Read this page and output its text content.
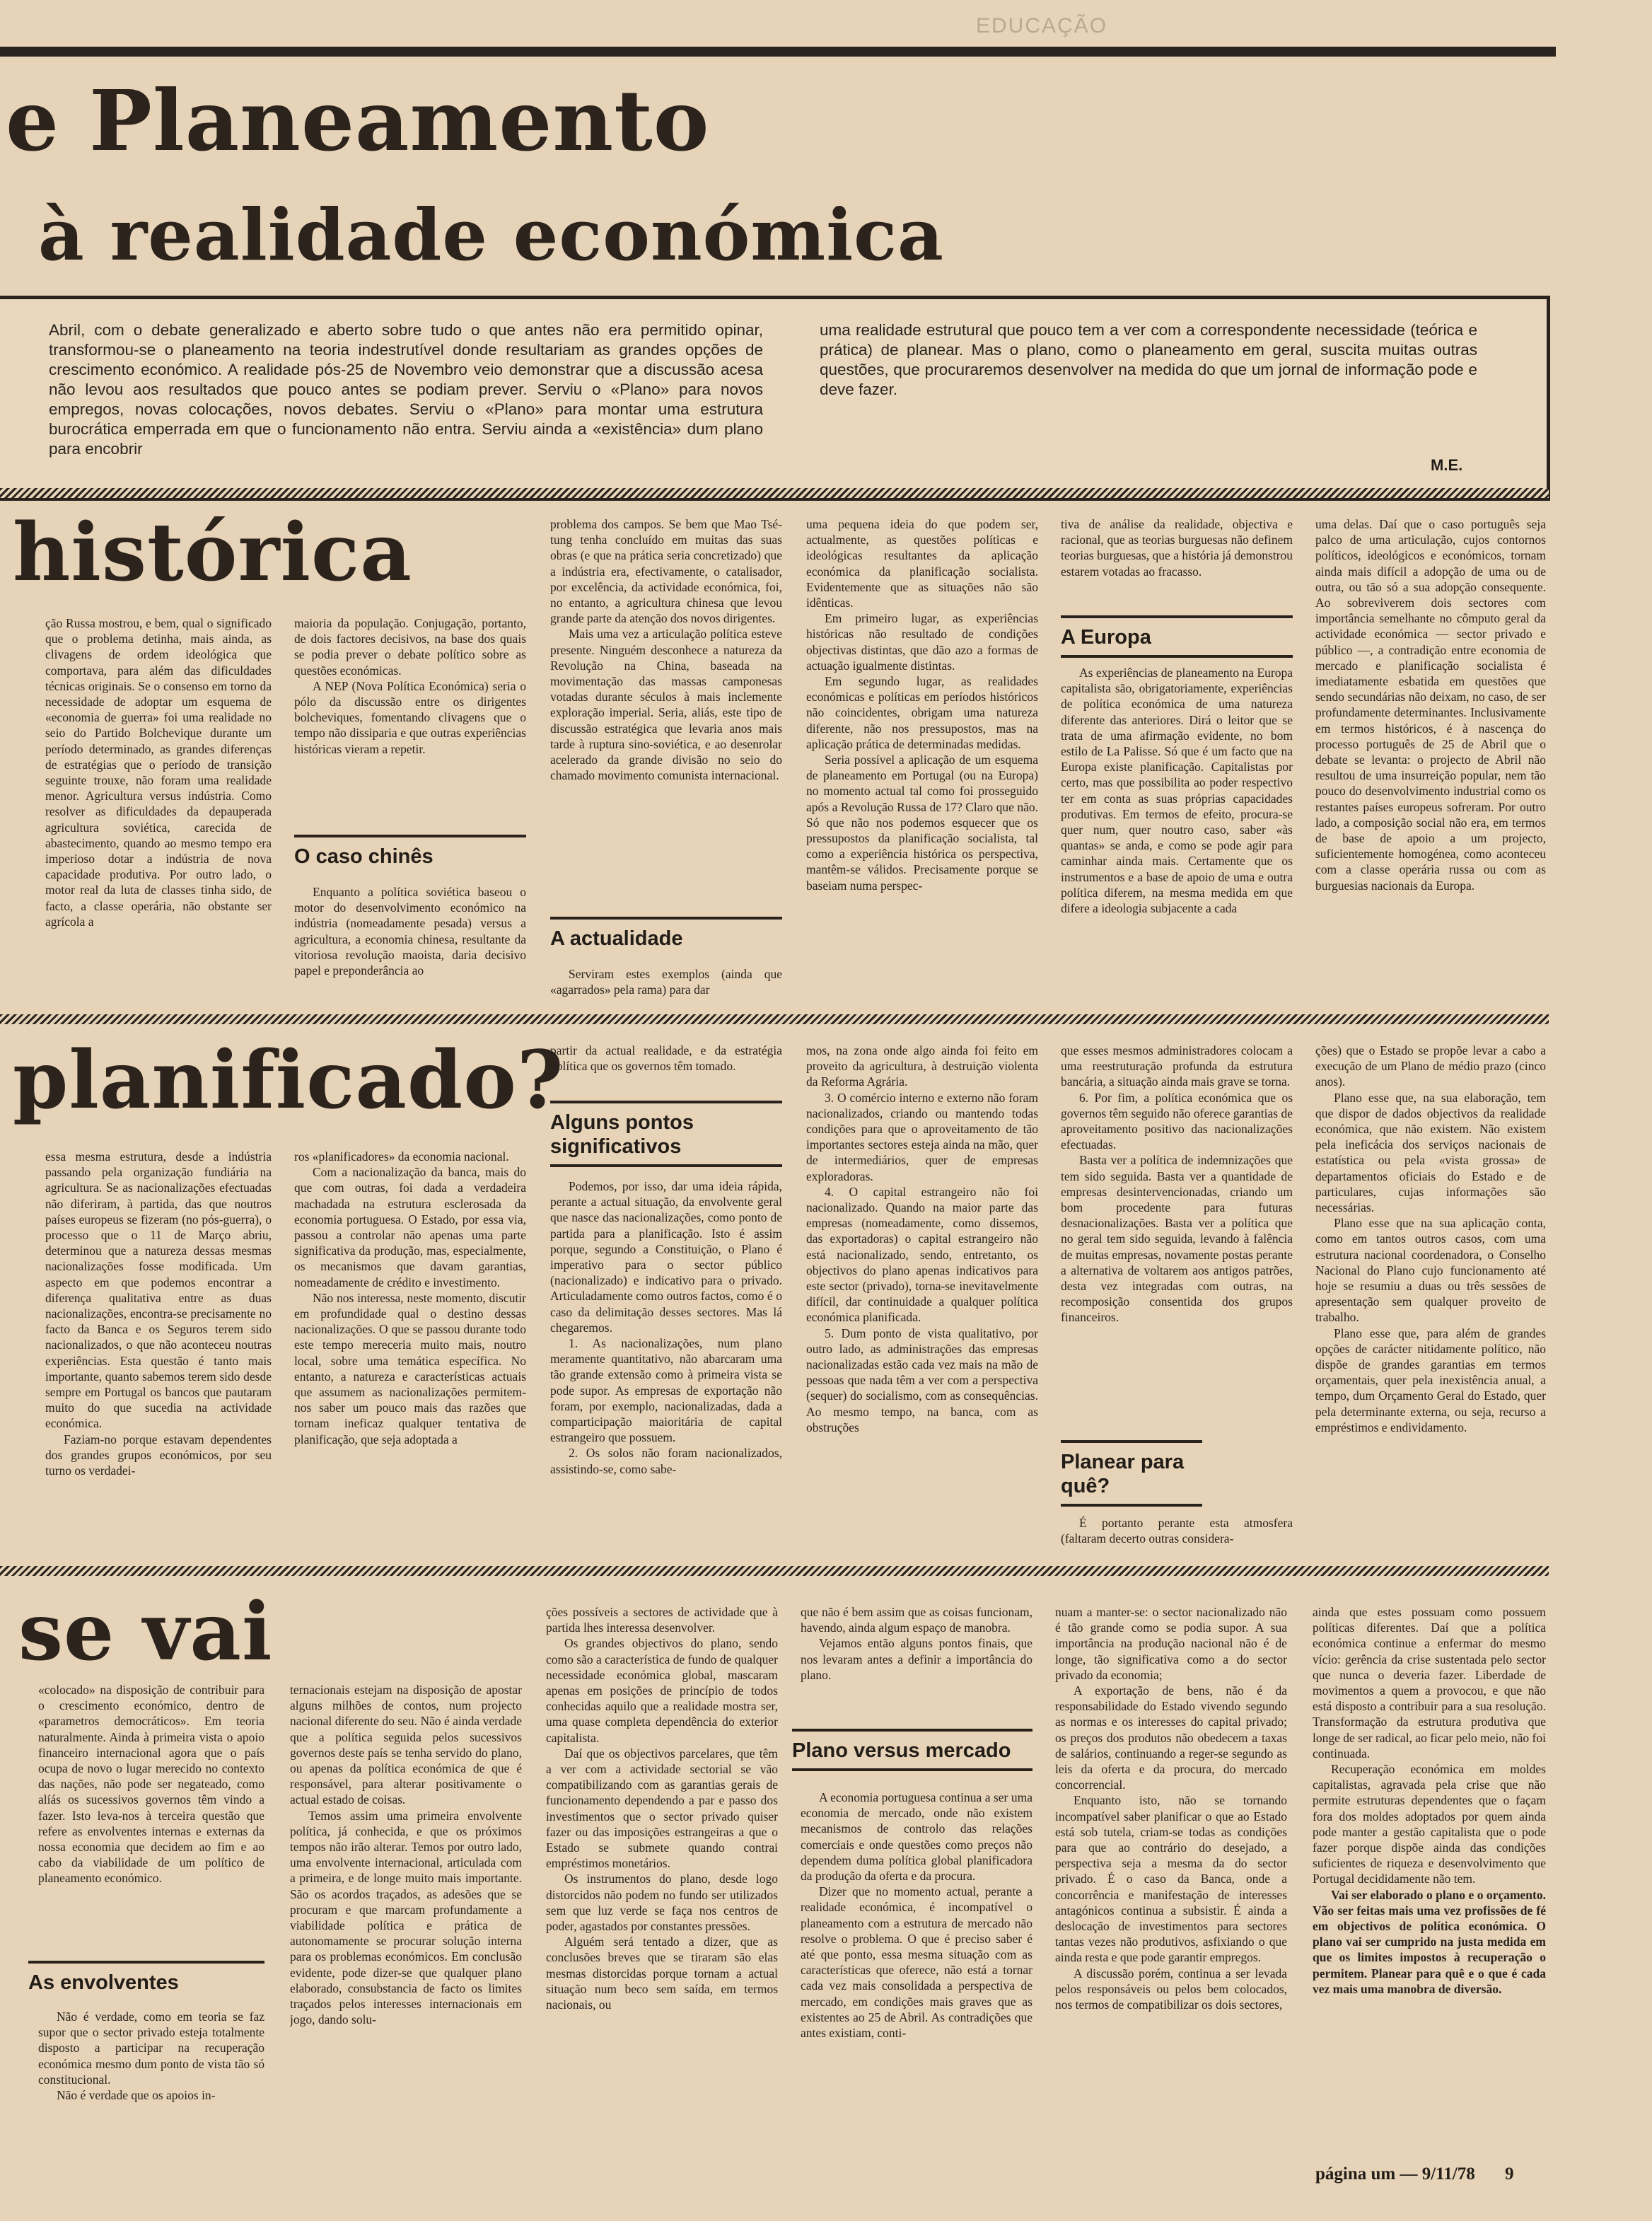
EDUCAÇÃO
e Planeamento
à realidade económica
Abril, com o debate generalizado e aberto sobre tudo o que antes não era permitido opinar, transformou-se o planeamento na teoria indestrutível donde resultariam as grandes opções de crescimento económico. A realidade pós-25 de Novembro veio demonstrar que a discussão acesa não levou aos resultados que pouco antes se podiam prever. Serviu o «Plano» para novos empregos, novas colocações, novos debates. Serviu o «Plano» para montar uma estrutura burocrática emperrada em que o funcionamento não entra. Serviu ainda a «existência» dum plano para encobrir
uma realidade estrutural que pouco tem a ver com a correspondente necessidade (teórica e prática) de planear. Mas o plano, como o planeamento em geral, suscita muitas outras questões, que procuraremos desenvolver na medida do que um jornal de informação pode e deve fazer.
M.E.
histórica

ção Russa mostrou, e bem, qual o significado que o problema detinha, mais ainda, as clivagens de ordem ideológica que comportava, para além das dificuldades técnicas originais. Se o consenso em torno da necessidade de adoptar um esquema de «economia de guerra» foi uma realidade no seio do Partido Bolchevique durante um período determinado, as grandes diferenças de estratégias que o período de transição seguinte trouxe, não foram uma realidade menor. Agricultura versus indústria. Como resolver as dificuldades da depauperada agricultura soviética, carecida de abastecimento, quando ao mesmo tempo era imperioso dotar a indústria de nova capacidade produtiva. Por outro lado, o motor real da luta de classes tinha sido, de facto, a classe operária, não obstante ser agrícola a

maioria da população. Conjugação, portanto, de dois factores decisivos, na base dos quais se podia prever o debate político sobre as questões económicas.

A NEP (Nova Política Económica) seria o pólo da discussão entre os dirigentes bolcheviques, fomentando clivagens que o tempo não dissiparia e que outras experiências históricas vieram a repetir.

O caso chinês

Enquanto a política soviética baseou o motor do desenvolvimento económico na indústria (nomeadamente pesada) versus a agricultura, a economia chinesa, resultante da vitoriosa revolução maoista, daria decisivo papel e preponderância ao

problema dos campos. Se bem que Mao Tsé-tung tenha concluído em muitas das suas obras (e que na prática seria concretizado) que a indústria era, efectivamente, o catalisador, por excelência, da actividade económica, foi, no entanto, a agricultura chinesa que levou grande parte da atenção dos novos dirigentes.

Mais uma vez a articulação política esteve presente. Ninguém desconhece a natureza da Revolução na China, baseada na movimentação das massas camponesas votadas durante séculos à mais inclemente exploração imperial. Seria, aliás, este tipo de discussão estratégica que levaria anos mais tarde à ruptura sino-soviética, e ao desenrolar acelerado da grande divisão no seio do chamado movimento comunista internacional.

A actualidade

Serviram estes exemplos (ainda que «agarrados» pela rama) para dar

uma pequena ideia do que podem ser, actualmente, as questões políticas e ideológicas resultantes da aplicação económica da planificação socialista. Evidentemente que as situações não são idênticas.

Em primeiro lugar, as experiências históricas não resultado de condições objectivas distintas, que dão azo a formas de actuação igualmente distintas.

Em segundo lugar, as realidades económicas e políticas em períodos históricos não coincidentes, obrigam uma natureza diferente, não nos pressupostos, mas na aplicação prática de determinadas medidas.

Seria possível a aplicação de um esquema de planeamento em Portugal (ou na Europa) no momento actual tal como foi prosseguido após a Revolução Russa de 17? Claro que não. Só que não nos podemos esquecer que os pressupostos da planificação socialista, tal como a experiência histórica os perspectiva, mantêm-se válidos. Precisamente porque se baseiam numa perspec-

tiva de análise da realidade, objectiva e racional, que as teorias burguesas não definem teorias burguesas, que a história já demonstrou estarem votadas ao fracasso.

A Europa

As experiências de planeamento na Europa capitalista são, obrigatoriamente, experiências de política económica de uma natureza diferente das anteriores. Dirá o leitor que se trata de uma afirmação evidente, no bom estilo de La Palisse. Só que é um facto que na Europa existe planificação. Capitalistas por certo, mas que possibilita ao poder respectivo ter em conta as suas próprias capacidades produtivas. Em termos de efeito, procura-se quer num, quer noutro caso, saber «às quantas» se anda, e como se pode agir para caminhar ainda mais. Certamente que os instrumentos e a base de apoio de uma e outra política diferem, na mesma medida em que difere a ideologia subjacente a cada

uma delas. Daí que o caso português seja palco de uma articulação, cujos contornos políticos, ideológicos e económicos, tornam ainda mais difícil a adopção de uma ou de outra, ou tão só a sua adopção consequente. Ao sobreviverem dois sectores com importância semelhante no cômputo geral da actividade económica — sector privado e público —, a contradição entre economia de mercado e planificação socialista é imediatamente esbatida em questões que sendo secundárias não deixam, no caso, de ser profundamente determinantes. Inclusivamente em termos históricos, é à nascença do processo português de 25 de Abril que o debate se levanta: o projecto de Abril não resultou de uma insurreição popular, nem tão pouco do desenvolvimento industrial como os restantes países europeus sofreram. Por outro lado, a composição social não era, em termos de base de apoio a um projecto, suficientemente homogénea, como aconteceu com a classe operária russa ou com as burguesias nacionais da Europa.

planificado?

essa mesma estrutura, desde a indústria passando pela organização fundiária na agricultura. Se as nacionalizações efectuadas não diferiram, à partida, das que noutros países europeus se fizeram (no pós-guerra), o processo que o 11 de Março abriu, determinou que a natureza dessas mesmas nacionalizações fosse modificada. Um aspecto em que podemos encontrar a diferença qualitativa entre as duas nacionalizações, encontra-se precisamente no facto da Banca e os Seguros terem sido nacionalizados, o que não aconteceu noutras experiências. Esta questão é tanto mais importante, quanto sabemos terem sido desde sempre em Portugal os bancos que pautaram muito do que sucedia na actividade económica.

Faziam-no porque estavam dependentes dos grandes grupos económicos, por seu turno os verdadei-

ros «planificadores» da economia nacional.

Com a nacionalização da banca, mais do que com outras, foi dada a verdadeira machadada na estrutura esclerosada da economia portuguesa. O Estado, por essa via, passou a controlar não apenas uma parte significativa da produção, mas, especialmente, os mecanismos que davam garantias, nomeadamente de crédito e investimento.

Não nos interessa, neste momento, discutir em profundidade qual o destino dessas nacionalizações. O que se passou durante todo este tempo mereceria muito mais, noutro local, sobre uma temática específica. No entanto, a natureza e características actuais que assumem as nacionalizações permitem-nos saber um pouco mais das razões que tornam ineficaz qualquer tentativa de planificação, que seja adoptada a

partir da actual realidade, e da estratégia política que os governos têm tomado.

Alguns pontos significativos

Podemos, por isso, dar uma ideia rápida, perante a actual situação, da envolvente geral que nasce das nacionalizações, como ponto de partida para a planificação. Isto é assim porque, segundo a Constituição, o Plano é imperativo para o sector público (nacionalizado) e indicativo para o privado. Articuladamente como outros factos, como é o caso da delimitação desses sectores. Mas lá chegaremos.

1. As nacionalizações, num plano meramente quantitativo, não abarcaram uma tão grande extensão como à primeira vista se pode supor. As empresas de exportação não foram, por exemplo, nacionalizadas, dada a comparticipação maioritária de capital estrangeiro que possuem.

2. Os solos não foram nacionalizados, assistindo-se, como sabe-

mos, na zona onde algo ainda foi feito em proveito da agricultura, à destruição violenta da Reforma Agrária.

3. O comércio interno e externo não foram nacionalizados, criando ou mantendo todas condições para que o aproveitamento de tão importantes sectores esteja ainda na mão, quer de intermediários, quer de empresas exploradoras.

4. O capital estrangeiro não foi nacionalizado. Quando na maior parte das empresas (nomeadamente, como dissemos, das exportadoras) o capital estrangeiro não está nacionalizado, sendo, entretanto, os objectivos do plano apenas indicativos para este sector (privado), torna-se inevitavelmente difícil, dar continuidade a qualquer política económica planificada.

5. Dum ponto de vista qualitativo, por outro lado, as administrações das empresas nacionalizadas estão cada vez mais na mão de pessoas que nada têm a ver com a perspectiva (sequer) do socialismo, com as consequências. Ao mesmo tempo, na banca, com as obstruções

que esses mesmos administradores colocam a uma reestruturação profunda da estrutura bancária, a situação ainda mais grave se torna.

6. Por fim, a política económica que os governos têm seguido não oferece garantias de aproveitamento positivo das nacionalizações efectuadas.

Basta ver a política de indemnizações que tem sido seguida. Basta ver a quantidade de empresas desintervencionadas, criando um bom procedente para futuras desnacionalizações. Basta ver a política que no geral tem sido seguida, levando à falência de muitas empresas, novamente postas perante a alternativa de voltarem aos antigos patrões, desta vez integradas com outras, na recomposição consentida dos grupos financeiros.

Planear para quê?

É portanto perante esta atmosfera (faltaram decerto outras considera-

ções) que o Estado se propõe levar a cabo a execução de um Plano de médio prazo (cinco anos).

Plano esse que, na sua elaboração, tem que dispor de dados objectivos da realidade económica, que não existem. Não existem pela ineficácia dos serviços nacionais de estatística ou pela «vista grossa» de departamentos oficiais do Estado e de particulares, cujas informações são necessárias.

Plano esse que na sua aplicação conta, como em tantos outros casos, com uma estrutura nacional coordenadora, o Conselho Nacional do Plano cujo funcionamento até hoje se resumiu a duas ou três sessões de apresentação sem qualquer proveito de trabalho.

Plano esse que, para além de grandes opções de carácter nitidamente político, não dispõe de grandes garantias em termos orçamentais, quer pela inexistência anual, a tempo, dum Orçamento Geral do Estado, quer pela determinante externa, ou seja, recurso a empréstimos e endividamento.

se vai

«colocado» na disposição de contribuir para o crescimento económico, dentro de «parametros democráticos». Em teoria naturalmente. Ainda à primeira vista o apoio financeiro internacional agora que o país ocupa de novo o lugar merecido no contexto das nações, não pode ser negateado, como alíás os sucessivos governos têm vindo a fazer. Isto leva-nos à terceira questão que refere as envolventes internas e externas da nossa economia que decidem ao fim e ao cabo da viabilidade de um político de planeamento económico.

As envolventes

Não é verdade, como em teoria se faz supor que o sector privado esteja totalmente disposto a participar na recuperação económica mesmo dum ponto de vista tão só constitucional.

Não é verdade que os apoios in-

ternacionais estejam na disposição de apostar alguns milhões de contos, num projecto nacional diferente do seu. Não é ainda verdade que a política seguida pelos sucessivos governos deste país se tenha servido do plano, ou apenas da política económica de que é responsável, para alterar positivamente o actual estado de coisas.

Temos assim uma primeira envolvente política, já conhecida, e que os próximos tempos não irão alterar. Temos por outro lado, uma envolvente internacional, articulada com a primeira, e de longe muito mais importante. São os acordos traçados, as adesões que se procuram e que marcam profundamente a viabilidade política e prática de autonomamente se procurar solução interna para os problemas económicos. Em conclusão evidente, pode dizer-se que qualquer plano elaborado, consubstancia de facto os limites traçados pelos interesses internacionais em jogo, dando solu-

ções possíveis a sectores de actividade que à partida lhes interessa desenvolver.

Os grandes objectivos do plano, sendo como são a característica de fundo de qualquer necessidade económica global, mascaram apenas em posições de princípio de todos conhecidas aquilo que a realidade mostra ser, uma quase completa dependência do exterior capitalista.

Daí que os objectivos parcelares, que têm a ver com a actividade sectorial se vão compatibilizando com as garantias gerais de funcionamento dependendo a par e passo dos investimentos que o sector privado quiser fazer ou das imposições estrangeiras a que o Estado se submete quando contrai empréstimos monetários.

Os instrumentos do plano, desde logo distorcidos não podem no fundo ser utilizados sem que luz verde se faça nos centros de poder, agastados por constantes pressões.

Alguém será tentado a dizer, que as conclusões breves que se tiraram são elas mesmas distorcidas porque tornam a actual situação num beco sem saída, em termos nacionais, ou

que não é bem assim que as coisas funcionam, havendo, ainda algum espaço de manobra.

Vejamos então alguns pontos finais, que nos levaram antes a definir a importância do plano.

Plano versus mercado

A economia portuguesa continua a ser uma economia de mercado, onde não existem mecanismos de controlo das relações comerciais e onde questões como preços não dependem duma política global planificadora da produção da oferta e da procura.

Dizer que no momento actual, perante a realidade económica, é incompatível o planeamento com a estrutura de mercado não resolve o problema. O que é preciso saber é até que ponto, essa mesma situação com as características que oferece, não está a tornar cada vez mais consolidada a perspectiva de mercado, em condições mais graves que as existentes ao 25 de Abril. As contradições que antes existiam, conti-

nuam a manter-se: o sector nacionalizado não é tão grande como se podia supor. A sua importância na produção nacional não é de longe, tão significativa como a do sector privado da economia;

A exportação de bens, não é da responsabilidade do Estado vivendo segundo as normas e os interesses do capital privado; os preços dos produtos não obedecem a taxas de salários, continuando a reger-se segundo as leis da oferta e da procura, do mercado concorrencial.

Enquanto isto, não se tornando incompatível saber planificar o que ao Estado está sob tutela, criam-se todas as condições para que ao contrário do desejado, a perspectiva seja a mesma da do sector privado. É o caso da Banca, onde a concorrência e manifestação de interesses antagónicos continua a subsistir. É ainda a deslocação de investimentos para sectores tantas vezes não produtivos, asfixiando o que ainda resta e que pode garantir empregos.

A discussão porém, continua a ser levada pelos responsáveis ou pelos bem colocados, nos termos de compatibilizar os dois sectores,

ainda que estes possuam como possuem políticas diferentes. Daí que a política económica continue a enfermar do mesmo vício: gerência da crise sustentada pelo sector que nunca o deveria fazer. Liberdade de movimentos a quem a provocou, e que não está disposto a contribuir para a sua resolução. Transformação da estrutura produtiva que longe de ser radical, ao ficar pelo meio, não foi continuada.

Recuperação económica em moldes capitalistas, agravada pela crise que não permite estruturas dependentes que o façam fora dos moldes adoptados por quem ainda pode manter a gestão capitalista que o pode fazer porque dispõe ainda das condições suficientes de riqueza e desenvolvimento que Portugal decididamente não tem.

Vai ser elaborado o plano e o orçamento. Vão ser feitas mais uma vez profissões de fé em objectivos de política económica. O plano vai ser cumprido na justa medida em que os limites impostos à recuperação o permitem. Planear para quê e o que é cada vez mais uma manobra de diversão.

página um — 9/11/78 9
